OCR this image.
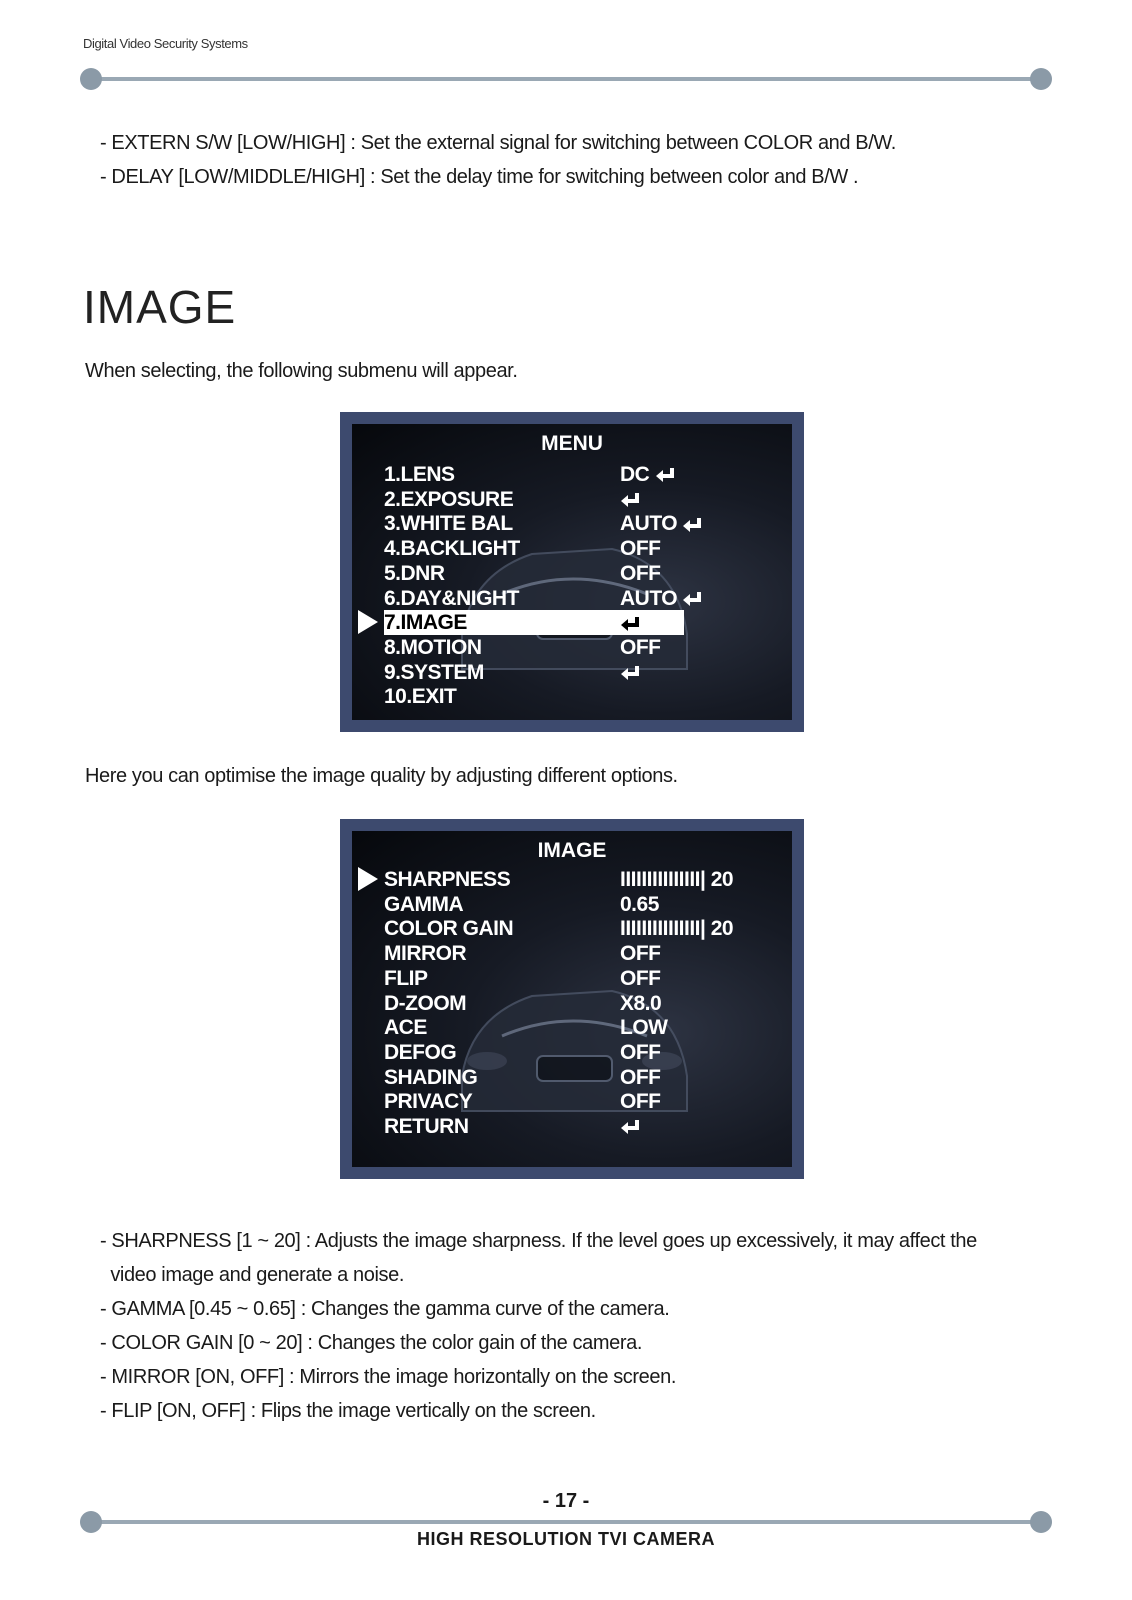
Digital Video Security Systems
- EXTERN S/W [LOW/HIGH] : Set the external signal for switching between COLOR and B/W.
- DELAY [LOW/MIDDLE/HIGH] : Set the delay time for switching between color and B/W .
IMAGE

When selecting, the following submenu will appear.

MENU
1.LENS	DC
2.EXPOSURE
3.WHITE BAL	AUTO
4.BACKLIGHT	OFF
5.DNR	OFF
6.DAY&NIGHT	AUTO
7.IMAGE
8.MOTION	OFF
9.SYSTEM
10.EXIT

Here you can optimise the image quality by adjusting different options.

IMAGE
SHARPNESS	IIIIIIIIIIIIIII| 20
GAMMA	0.65
COLOR GAIN	IIIIIIIIIIIIIII| 20
MIRROR	OFF
FLIP	OFF
D-ZOOM	X8.0
ACE	LOW
DEFOG	OFF
SHADING	OFF
PRIVACY	OFF
RETURN
- SHARPNESS [1 ~ 20] : Adjusts the image sharpness. If the level goes up excessively, it may affect the
video image and generate a noise.
- GAMMA [0.45 ~ 0.65] : Changes the gamma curve of the camera.
- COLOR GAIN [0 ~ 20] : Changes the color gain of the camera.
- MIRROR [ON, OFF] : Mirrors the image horizontally on the screen.
- FLIP [ON, OFF] : Flips the image vertically on the screen.
- 17 -
HIGH RESOLUTION TVI CAMERA
